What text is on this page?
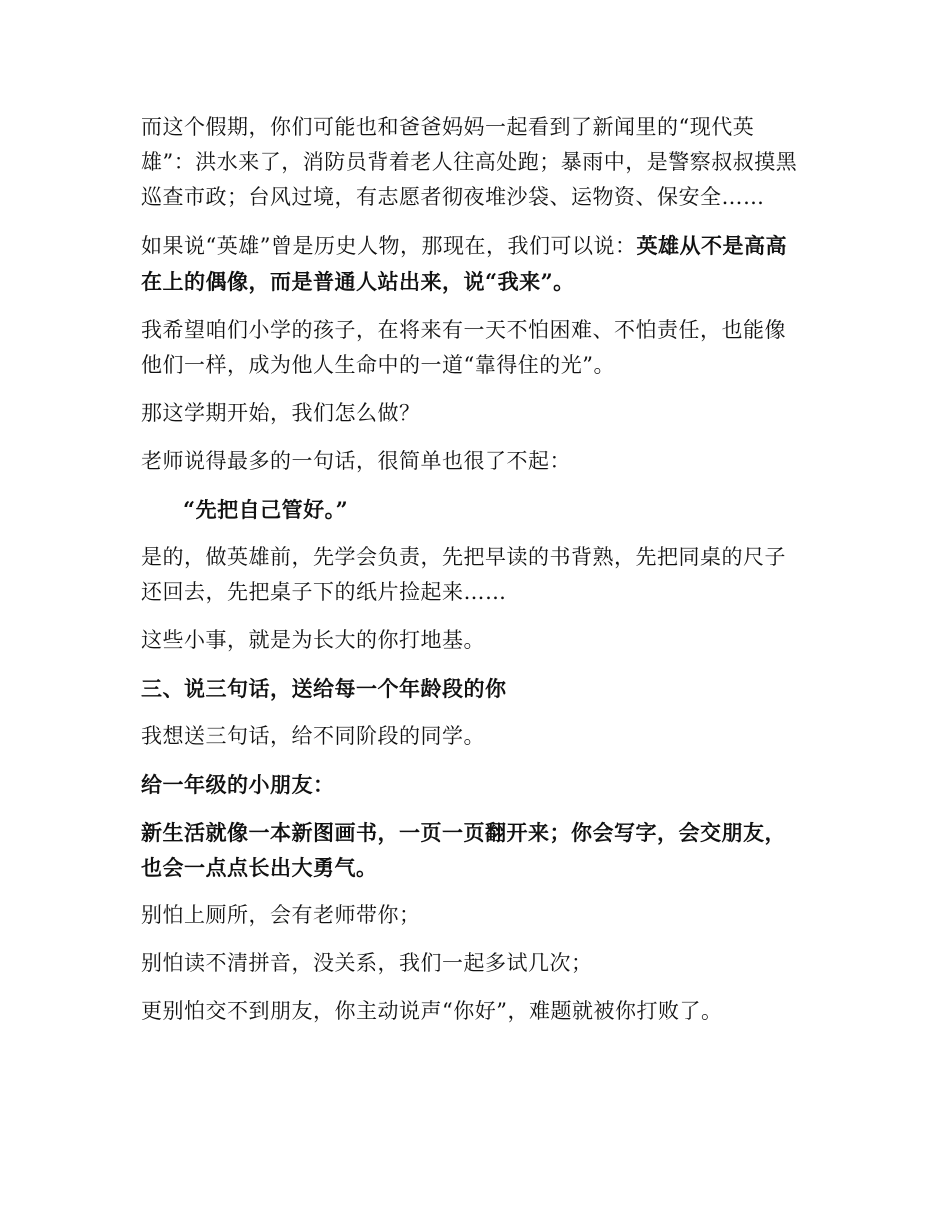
而这个假期，你们可能也和爸爸妈妈一起看到了新闻里的“现代英雄”：洪水来了，消防员背着老人往高处跑；暴雨中，是警察叔叔摸黑巡查市政；台风过境，有志愿者彻夜堆沙袋、运物资、保安全……

如果说“英雄”曾是历史人物，那现在，我们可以说：英雄从不是高高在上的偶像，而是普通人站出来，说“我来”。

我希望咱们小学的孩子，在将来有一天不怕困难、不怕责任，也能像他们一样，成为他人生命中的一道“靠得住的光”。

那这学期开始，我们怎么做？

老师说得最多的一句话，很简单也很了不起：

“先把自己管好。”

是的，做英雄前，先学会负责，先把早读的书背熟，先把同桌的尺子还回去，先把桌子下的纸片捡起来……

这些小事，就是为长大的你打地基。

三、说三句话，送给每一个年龄段的你

我想送三句话，给不同阶段的同学。

给一年级的小朋友：

新生活就像一本新图画书，一页一页翻开来；你会写字，会交朋友，也会一点点长出大勇气。

别怕上厕所，会有老师带你；

别怕读不清拼音，没关系，我们一起多试几次；

更别怕交不到朋友，你主动说声“你好”，难题就被你打败了。
